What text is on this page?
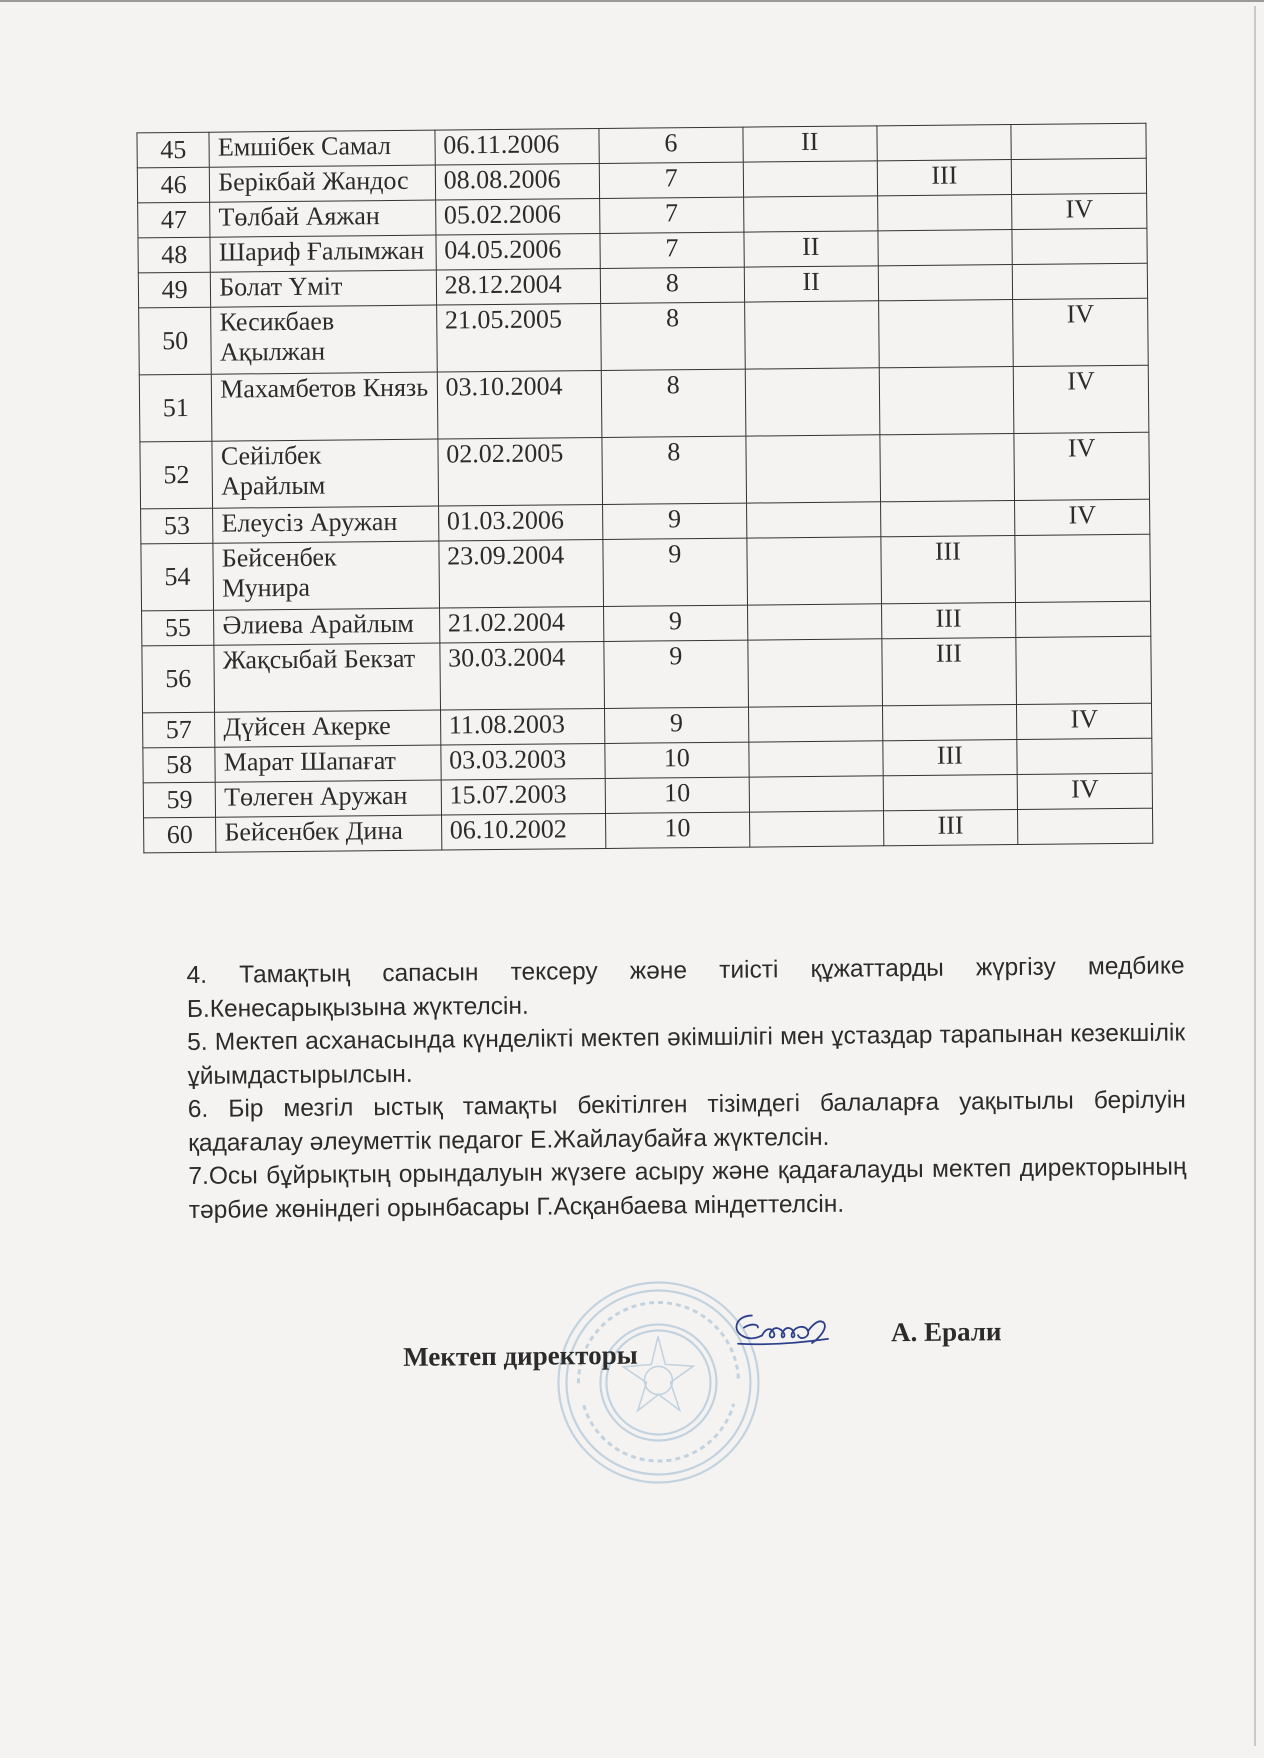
45	Емшібек Самал	06.11.2006	6	II		
46	Берікбай Жандос	08.08.2006	7		III	
47	Төлбай Аяжан	05.02.2006	7			IV
48	Шариф Ғалымжан	04.05.2006	7	II		
49	Болат Үміт	28.12.2004	8	II		
50	Кесикбаев Ақылжан	21.05.2005	8			IV
51	Махамбетов Князь	03.10.2004	8			IV
52	Сейілбек Арайлым	02.02.2005	8			IV
53	Елеусіз Аружан	01.03.2006	9			IV
54	Бейсенбек Мунира	23.09.2004	9		III	
55	Әлиева Арайлым	21.02.2004	9		III	
56	Жақсыбай Бекзат	30.03.2004	9		III	
57	Дүйсен Акерке	11.08.2003	9			IV
58	Марат Шапағат	03.03.2003	10		III	
59	Төлеген Аружан	15.07.2003	10			IV
60	Бейсенбек Дина	06.10.2002	10		III	

4. Тамақтың сапасын тексеру және тиісті құжаттарды жүргізу медбике Б.Кенесарықызына жүктелсін.

5. Мектеп асханасында күнделікті мектеп әкімшілігі мен ұстаздар тарапынан кезекшілік ұйымдастырылсын.

6. Бір мезгіл ыстық тамақты бекітілген тізімдегі балаларға уақытылы берілуін қадағалау әлеуметтік педагог Е.Жайлаубайға жүктелсін.

7.Осы бұйрықтың орындалуын жүзеге асыру және қадағалауды мектеп директорының тәрбие жөніндегі орынбасары Г.Асқанбаева міндеттелсін.

Мектеп директоры
А. Ерали
